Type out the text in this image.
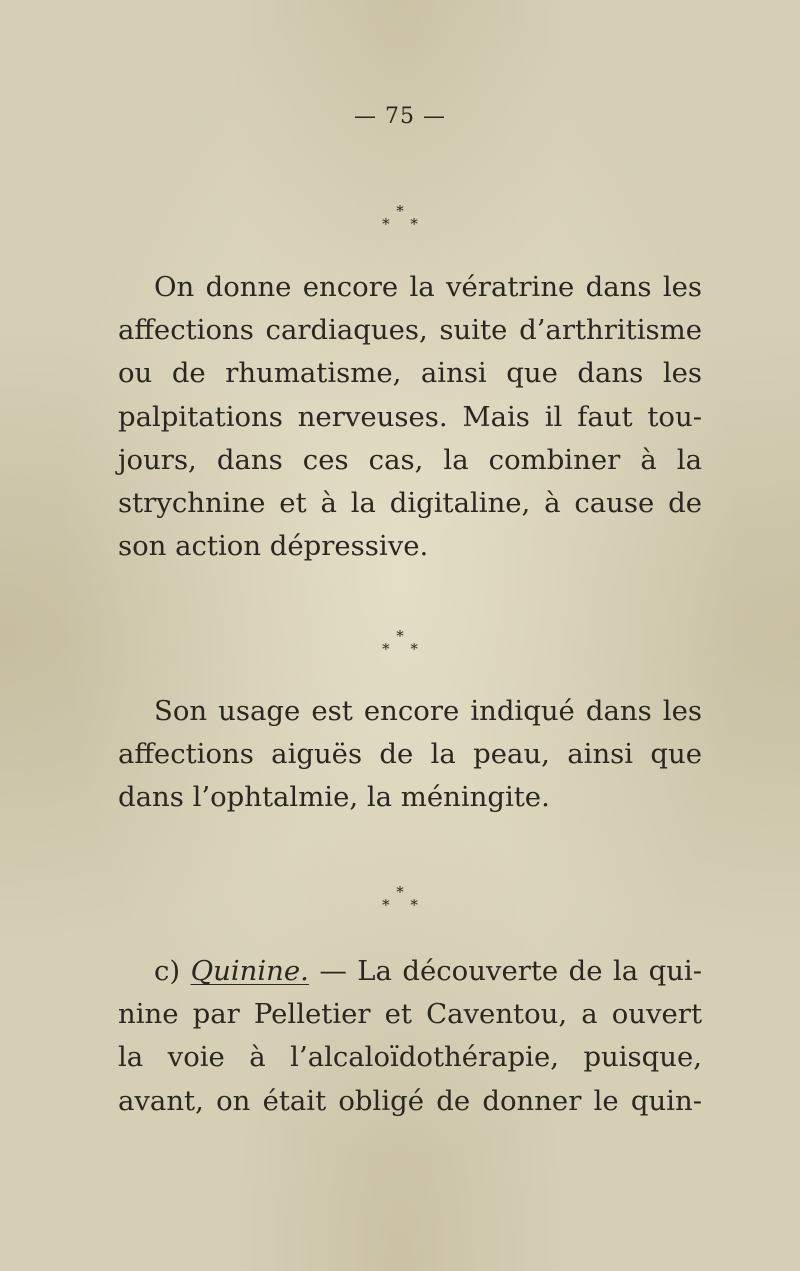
— 75 —
*
* *
On donne encore la vératrine dans les
affections cardiaques, suite d’arthritisme
ou de rhumatisme, ainsi que dans les
palpitations nerveuses. Mais il faut tou-
jours, dans ces cas, la combiner à la
strychnine et à la digitaline, à cause de
son action dépressive.
*
* *
Son usage est encore indiqué dans les
affections aiguës de la peau, ainsi que
dans l’ophtalmie, la méningite.
*
* *
c) Quinine. — La découverte de la qui-
nine par Pelletier et Caventou, a ouvert
la voie à l’alcaloïdothérapie, puisque,
avant, on était obligé de donner le quin-
